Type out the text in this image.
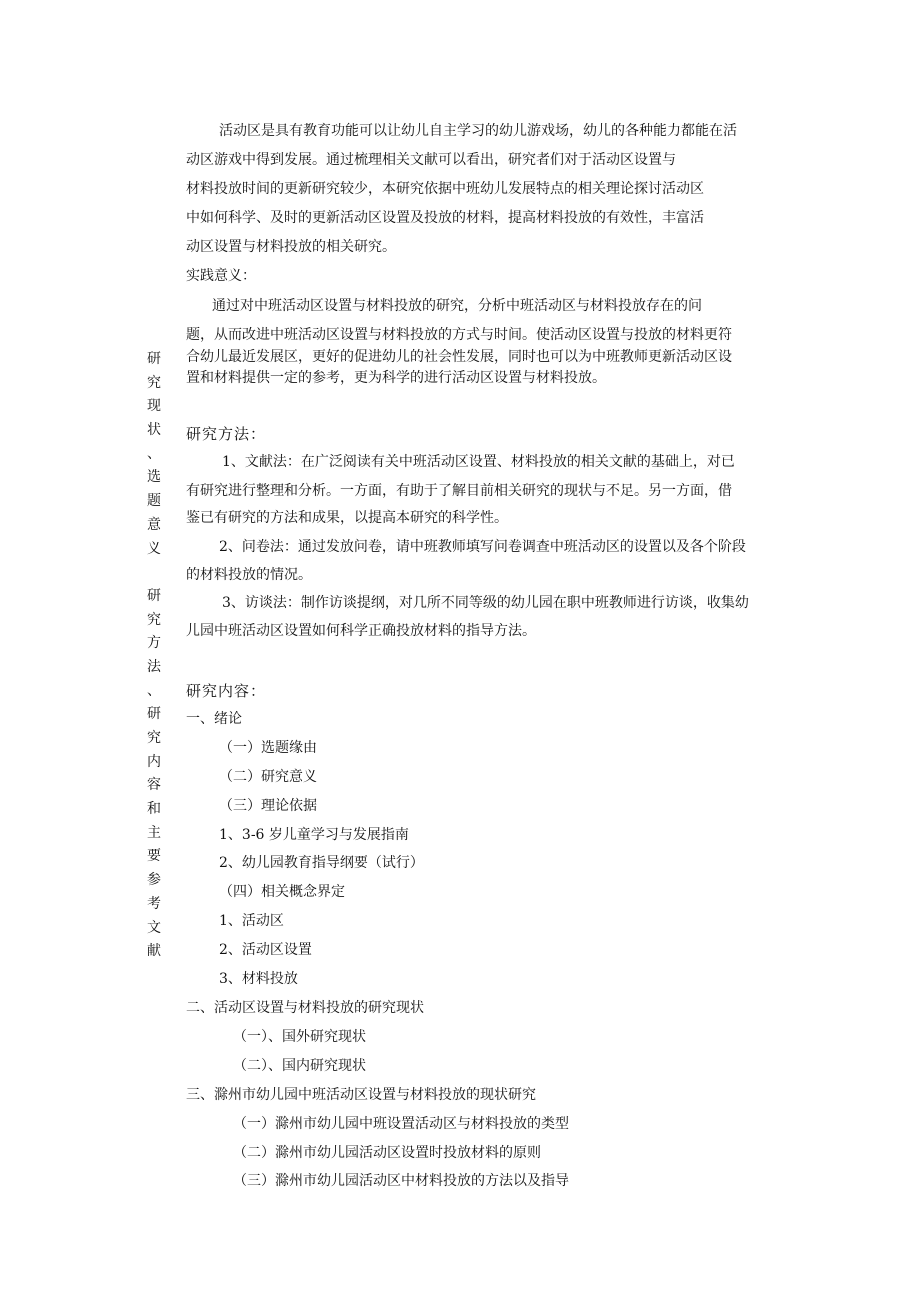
活动区是具有教育功能可以让幼儿自主学习的幼儿游戏场，幼儿的各种能力都能在活
动区游戏中得到发展。通过梳理相关文献可以看出，研究者们对于活动区设置与
材料投放时间的更新研究较少，本研究依据中班幼儿发展特点的相关理论探讨活动区
中如何科学、及时的更新活动区设置及投放的材料，提高材料投放的有效性，丰富活
动区设置与材料投放的相关研究。
实践意义：
通过对中班活动区设置与材料投放的研究，分析中班活动区与材料投放存在的问
题，从而改进中班活动区设置与材料投放的方式与时间。使活动区设置与投放的材料更符
合幼儿最近发展区，更好的促进幼儿的社会性发展，同时也可以为中班教师更新活动区设
置和材料提供一定的参考，更为科学的进行活动区设置与材料投放。
研
究
现
状
、
选
题
意
义
研
究
方
法
、
研
究
内
容
和
主
要
参
考
文
献
研究方法：
1、文献法：在广泛阅读有关中班活动区设置、材料投放的相关文献的基础上，对已
有研究进行整理和分析。一方面，有助于了解目前相关研究的现状与不足。另一方面，借
鉴已有研究的方法和成果，以提高本研究的科学性。
2、问卷法：通过发放问卷，请中班教师填写问卷调查中班活动区的设置以及各个阶段
的材料投放的情况。
3、访谈法：制作访谈提纲，对几所不同等级的幼儿园在职中班教师进行访谈，收集幼
儿园中班活动区设置如何科学正确投放材料的指导方法。
研究内容：
一、绪论
（一）选题缘由
（二）研究意义
（三）理论依据
1、3-6 岁儿童学习与发展指南
2、幼儿园教育指导纲要（试行）
（四）相关概念界定
1、活动区
2、活动区设置
3、材料投放
二、活动区设置与材料投放的研究现状
（一）、国外研究现状
（二）、国内研究现状
三、滁州市幼儿园中班活动区设置与材料投放的现状研究
（一）滁州市幼儿园中班设置活动区与材料投放的类型
（二）滁州市幼儿园活动区设置时投放材料的原则
（三）滁州市幼儿园活动区中材料投放的方法以及指导
